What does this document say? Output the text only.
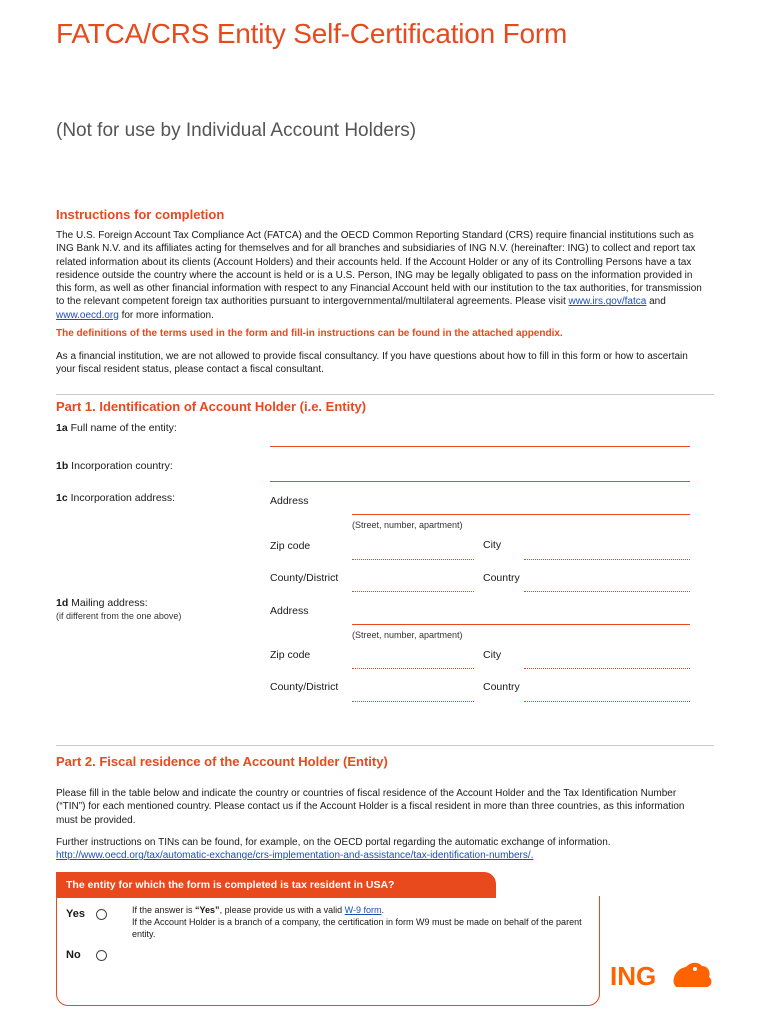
FATCA/CRS Entity Self-Certification Form
(Not for use by Individual Account Holders)
Instructions for completion
The U.S. Foreign Account Tax Compliance Act (FATCA) and the OECD Common Reporting Standard (CRS) require financial institutions such as ING Bank N.V. and its affiliates acting for themselves and for all branches and subsidiaries of ING N.V. (hereinafter: ING) to collect and report tax related information about its clients (Account Holders) and their accounts held. If the Account Holder or any of its Controlling Persons have a tax residence outside the country where the account is held or is a U.S. Person, ING may be legally obligated to pass on the information provided in this form, as well as other financial information with respect to any Financial Account held with our institution to the tax authorities, for transmission to the relevant competent foreign tax authorities pursuant to intergovernmental/multilateral agreements. Please visit www.irs.gov/fatca and www.oecd.org for more information.
The definitions of the terms used in the form and fill-in instructions can be found in the attached appendix.
As a financial institution, we are not allowed to provide fiscal consultancy. If you have questions about how to fill in this form or how to ascertain your fiscal resident status, please contact a fiscal consultant.
Part 1. Identification of Account Holder (i.e. Entity)
1a Full name of the entity:
1b Incorporation country:
1c Incorporation address:	Address
(Street, number, apartment)
Zip code	City
County/District	Country
1d Mailing address:
(if different from the one above)	Address
(Street, number, apartment)
Zip code	City
County/District	Country
Part 2. Fiscal residence of the Account Holder (Entity)
Please fill in the table below and indicate the country or countries of fiscal residence of the Account Holder and the Tax Identification Number (“TIN”) for each mentioned country. Please contact us if the Account Holder is a fiscal resident in more than three countries, as this information must be provided.
Further instructions on TINs can be found, for example, on the OECD portal regarding the automatic exchange of information.
http://www.oecd.org/tax/automatic-exchange/crs-implementation-and-assistance/tax-identification-numbers/.
The entity for which the form is completed is tax resident in USA?
Yes
No
If the answer is “Yes”, please provide us with a valid W-9 form.
If the Account Holder is a branch of a company, the certification in form W9 must be made on behalf of the parent entity.
ING
